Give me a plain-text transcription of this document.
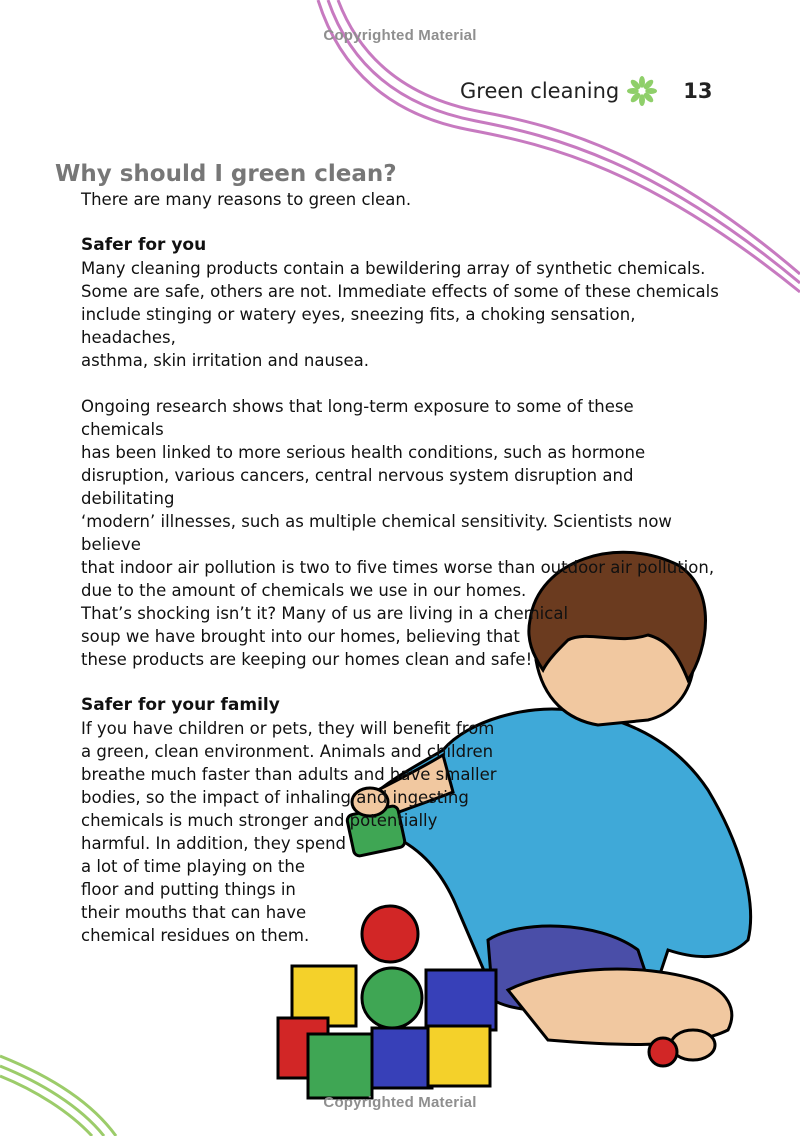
Copyrighted Material
Green cleaning	13
Why should I green clean?

There are many reasons to green clean.

Safer for you

Many cleaning products contain a bewildering array of synthetic chemicals.

Some are safe, others are not. Immediate effects of some of these chemicals

include stinging or watery eyes, sneezing fits, a choking sensation, headaches,

asthma, skin irritation and nausea.

Ongoing research shows that long-term exposure to some of these chemicals

has been linked to more serious health conditions, such as hormone

disruption, various cancers, central nervous system disruption and debilitating

‘modern’ illnesses, such as multiple chemical sensitivity. Scientists now believe

that indoor air pollution is two to five times worse than outdoor air pollution,

due to the amount of chemicals we use in our homes.

That’s shocking isn’t it? Many of us are living in a chemical

soup we have brought into our homes, believing that

these products are keeping our homes clean and safe!

Safer for your family

If you have children or pets, they will benefit from

a green, clean environment. Animals and children

breathe much faster than adults and have smaller

bodies, so the impact of inhaling and ingesting

chemicals is much stronger and potentially

harmful. In addition, they spend

a lot of time playing on the

floor and putting things in

their mouths that can have

chemical residues on them.

Copyrighted Material
